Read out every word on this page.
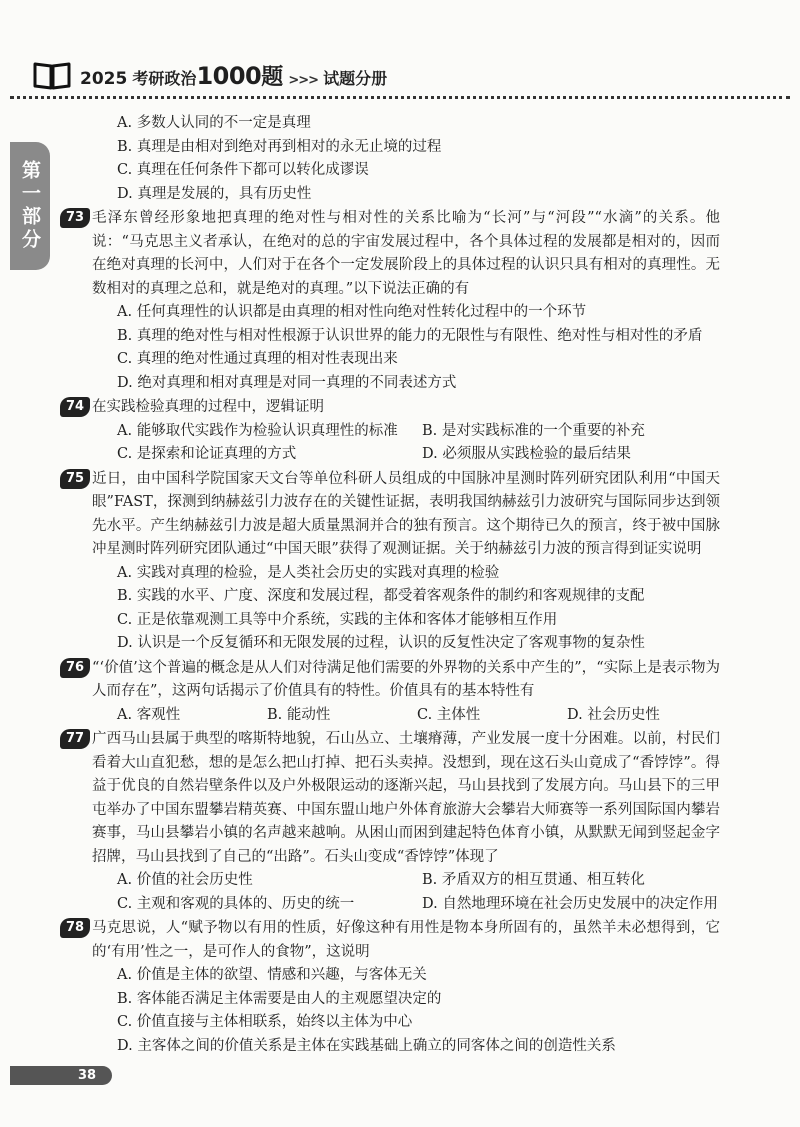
2025 考研政治1000题 >>> 试题分册
第一部分
A. 多数人认同的不一定是真理
B. 真理是由相对到绝对再到相对的永无止境的过程
C. 真理在任何条件下都可以转化成谬误
D. 真理是发展的，具有历史性
73 毛泽东曾经形象地把真理的绝对性与相对性的关系比喻为“长河”与“河段”“水滴”的关系。他说：“马克思主义者承认，在绝对的总的宇宙发展过程中，各个具体过程的发展都是相对的，因而在绝对真理的长河中，人们对于在各个一定发展阶段上的具体过程的认识只具有相对的真理性。无数相对的真理之总和，就是绝对的真理。”以下说法正确的有
A. 任何真理性的认识都是由真理的相对性向绝对性转化过程中的一个环节
B. 真理的绝对性与相对性根源于认识世界的能力的无限性与有限性、绝对性与相对性的矛盾
C. 真理的绝对性通过真理的相对性表现出来
D. 绝对真理和相对真理是对同一真理的不同表述方式
74 在实践检验真理的过程中，逻辑证明
A. 能够取代实践作为检验认识真理性的标准	B. 是对实践标准的一个重要的补充
C. 是探索和论证真理的方式	D. 必须服从实践检验的最后结果
75 近日，由中国科学院国家天文台等单位科研人员组成的中国脉冲星测时阵列研究团队利用“中国天眼”FAST，探测到纳赫兹引力波存在的关键性证据，表明我国纳赫兹引力波研究与国际同步达到领先水平。产生纳赫兹引力波是超大质量黑洞并合的独有预言。这个期待已久的预言，终于被中国脉冲星测时阵列研究团队通过“中国天眼”获得了观测证据。关于纳赫兹引力波的预言得到证实说明
A. 实践对真理的检验，是人类社会历史的实践对真理的检验
B. 实践的水平、广度、深度和发展过程，都受着客观条件的制约和客观规律的支配
C. 正是依靠观测工具等中介系统，实践的主体和客体才能够相互作用
D. 认识是一个反复循环和无限发展的过程，认识的反复性决定了客观事物的复杂性
76 “‘价值’这个普遍的概念是从人们对待满足他们需要的外界物的关系中产生的”，“实际上是表示物为人而存在”，这两句话揭示了价值具有的特性。价值具有的基本特性有
A. 客观性	B. 能动性	C. 主体性	D. 社会历史性
77 广西马山县属于典型的喀斯特地貌，石山丛立、土壤瘠薄，产业发展一度十分困难。以前，村民们看着大山直犯愁，想的是怎么把山打掉、把石头卖掉。没想到，现在这石头山竟成了“香饽饽”。得益于优良的自然岩壁条件以及户外极限运动的逐渐兴起，马山县找到了发展方向。马山县下的三甲屯举办了中国东盟攀岩精英赛、中国东盟山地户外体育旅游大会攀岩大师赛等一系列国际国内攀岩赛事，马山县攀岩小镇的名声越来越响。从困山而困到建起特色体育小镇，从默默无闻到竖起金字招牌，马山县找到了自己的“出路”。石头山变成“香饽饽”体现了
A. 价值的社会历史性	B. 矛盾双方的相互贯通、相互转化
C. 主观和客观的具体的、历史的统一	D. 自然地理环境在社会历史发展中的决定作用
78 马克思说，人“赋予物以有用的性质，好像这种有用性是物本身所固有的，虽然羊未必想得到，它的‘有用’性之一，是可作人的食物”，这说明
A. 价值是主体的欲望、情感和兴趣，与客体无关
B. 客体能否满足主体需要是由人的主观愿望决定的
C. 价值直接与主体相联系，始终以主体为中心
D. 主客体之间的价值关系是主体在实践基础上确立的同客体之间的创造性关系
38
